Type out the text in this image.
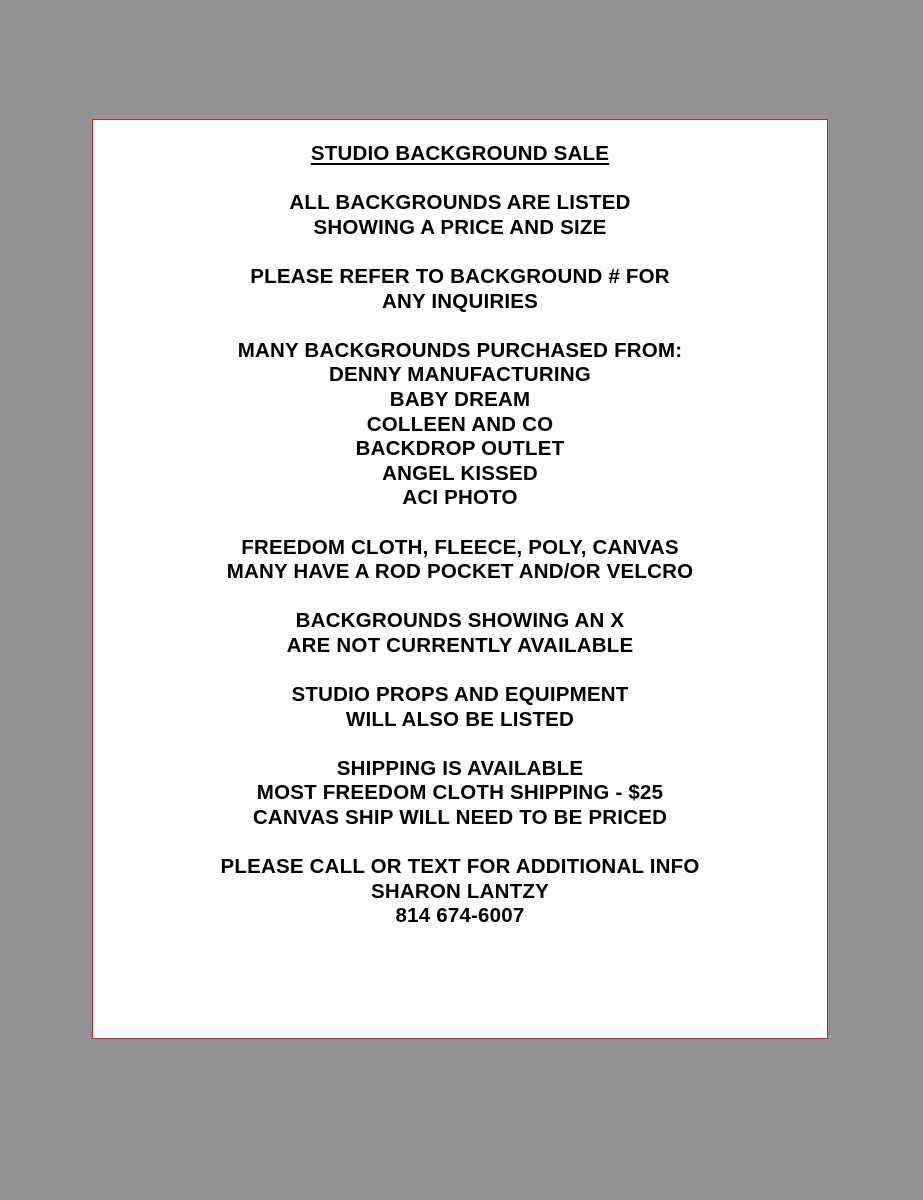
STUDIO BACKGROUND SALE
ALL BACKGROUNDS ARE LISTED
SHOWING A PRICE AND SIZE
PLEASE REFER TO BACKGROUND # FOR
ANY INQUIRIES
MANY BACKGROUNDS PURCHASED FROM:
DENNY MANUFACTURING
BABY DREAM
COLLEEN AND CO
BACKDROP OUTLET
ANGEL KISSED
ACI PHOTO
FREEDOM CLOTH, FLEECE, POLY, CANVAS
MANY HAVE A ROD POCKET AND/OR VELCRO
BACKGROUNDS SHOWING AN X
ARE NOT CURRENTLY AVAILABLE
STUDIO PROPS AND EQUIPMENT
WILL ALSO BE LISTED
SHIPPING IS AVAILABLE
MOST FREEDOM CLOTH SHIPPING - $25
CANVAS SHIP WILL NEED TO BE PRICED
PLEASE CALL OR TEXT FOR ADDITIONAL INFO
SHARON LANTZY
814 674-6007
